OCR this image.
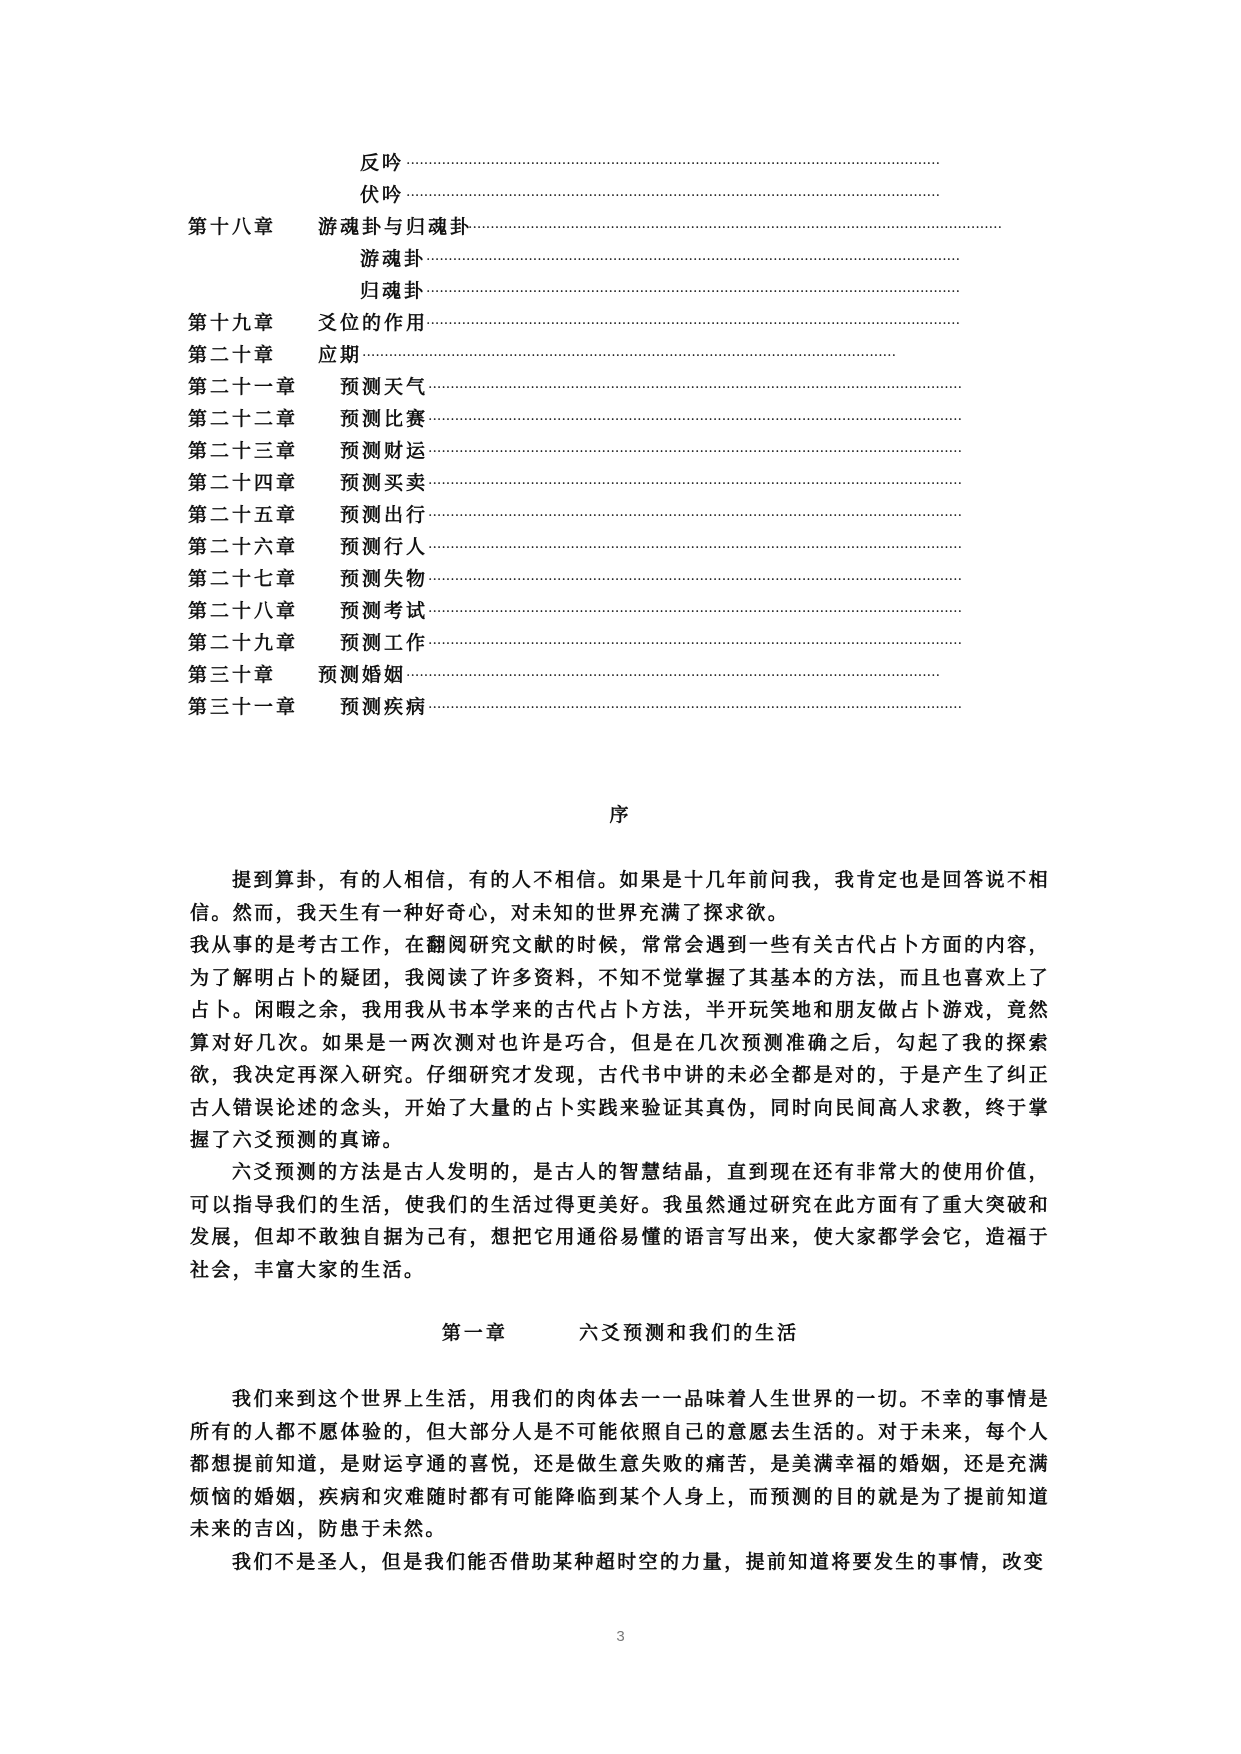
反吟 ························································································································
伏吟 ························································································································
第十八章 游魂卦与归魂卦
························································································································
游魂卦 ························································································································
归魂卦 ························································································································
第十九章 爻位的作用
························································································································
第二十章 应期 ························································································································
第二十一章 预测天气 ························································································································
第二十二章 预测比赛 ························································································································
第二十三章 预测财运 ························································································································
第二十四章 预测买卖 ························································································································
第二十五章 预测出行 ························································································································
第二十六章 预测行人 ························································································································
第二十七章 预测失物 ························································································································
第二十八章 预测考试 ························································································································
第二十九章 预测工作 ························································································································
第三十章 预测婚姻 ························································································································
第三十一章 预测疾病 ························································································································
序
提到算卦，有的人相信，有的人不相信。如果是十几年前问我，我肯定也是回答说不相信。然而，我天生有一种好奇心，对未知的世界充满了探求欲。
我从事的是考古工作，在翻阅研究文献的时候，常常会遇到一些有关古代占卜方面的内容，为了解明占卜的疑团，我阅读了许多资料，不知不觉掌握了其基本的方法，而且也喜欢上了占卜。闲暇之余，我用我从书本学来的古代占卜方法，半开玩笑地和朋友做占卜游戏，竟然算对好几次。如果是一两次测对也许是巧合，但是在几次预测准确之后，勾起了我的探索欲，我决定再深入研究。仔细研究才发现，古代书中讲的未必全都是对的，于是产生了纠正古人错误论述的念头，开始了大量的占卜实践来验证其真伪，同时向民间高人求教，终于掌握了六爻预测的真谛。
六爻预测的方法是古人发明的，是古人的智慧结晶，直到现在还有非常大的使用价值，可以指导我们的生活，使我们的生活过得更美好。我虽然通过研究在此方面有了重大突破和发展，但却不敢独自据为己有，想把它用通俗易懂的语言写出来，使大家都学会它，造福于社会，丰富大家的生活。
第一章	六爻预测和我们的生活
我们来到这个世界上生活，用我们的肉体去一一品味着人生世界的一切。不幸的事情是所有的人都不愿体验的，但大部分人是不可能依照自己的意愿去生活的。对于未来，每个人都想提前知道，是财运亨通的喜悦，还是做生意失败的痛苦，是美满幸福的婚姻，还是充满烦恼的婚姻，疾病和灾难随时都有可能降临到某个人身上，而预测的目的就是为了提前知道未来的吉凶，防患于未然。
我们不是圣人，但是我们能否借助某种超时空的力量，提前知道将要发生的事情，改变
3
